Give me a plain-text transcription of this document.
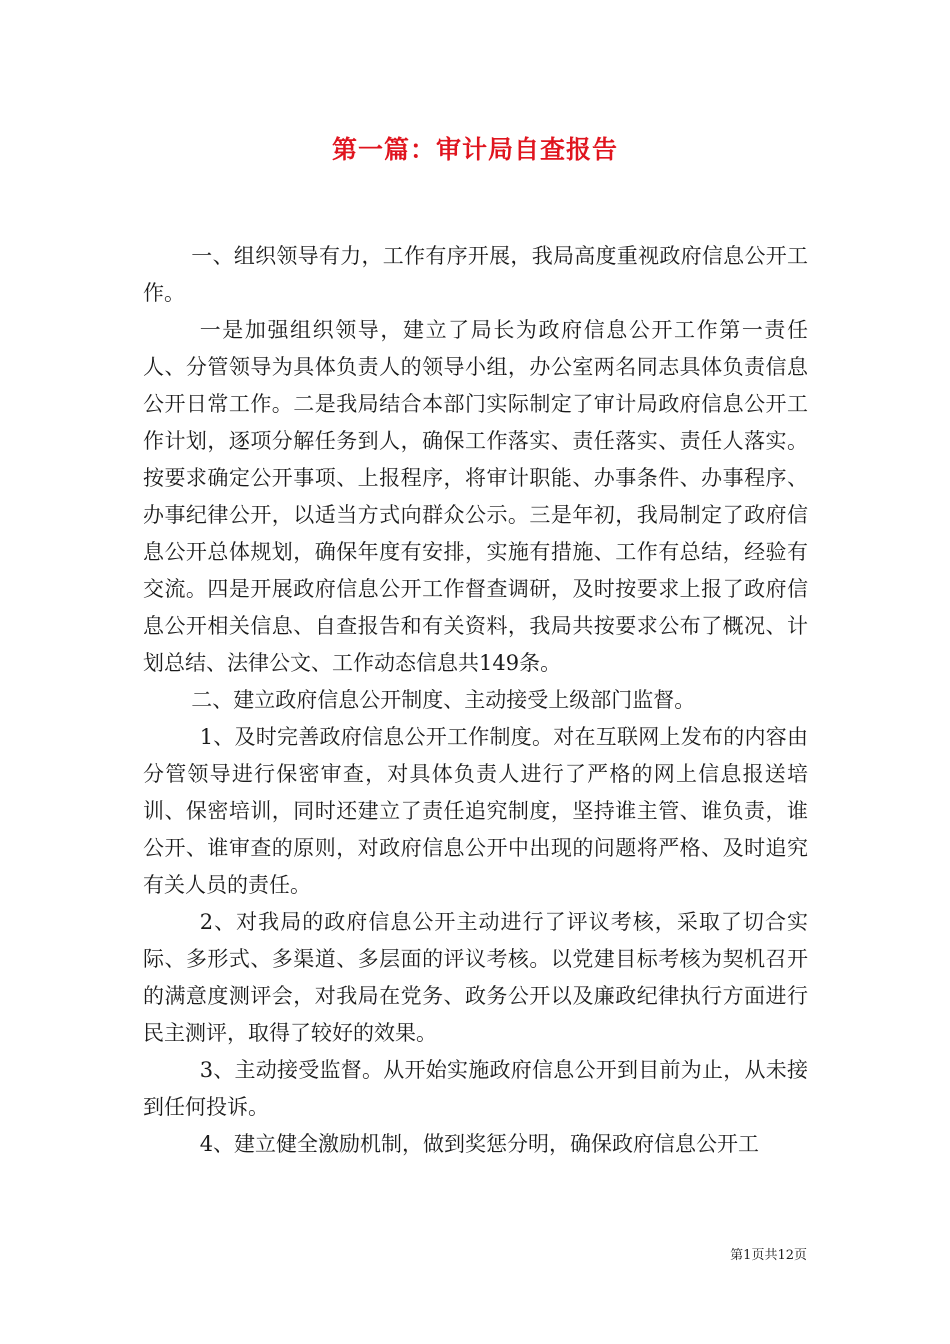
第一篇：审计局自查报告

一、组织领导有力，工作有序开展，我局高度重视政府信息公开工作。

一是加强组织领导，建立了局长为政府信息公开工作第一责任人、分管领导为具体负责人的领导小组，办公室两名同志具体负责信息公开日常工作。二是我局结合本部门实际制定了审计局政府信息公开工作计划，逐项分解任务到人，确保工作落实、责任落实、责任人落实。按要求确定公开事项、上报程序，将审计职能、办事条件、办事程序、办事纪律公开，以适当方式向群众公示。三是年初，我局制定了政府信息公开总体规划，确保年度有安排，实施有措施、工作有总结，经验有交流。四是开展政府信息公开工作督查调研，及时按要求上报了政府信息公开相关信息、自查报告和有关资料，我局共按要求公布了概况、计划总结、法律公文、工作动态信息共149条。

二、建立政府信息公开制度、主动接受上级部门监督。

1、及时完善政府信息公开工作制度。对在互联网上发布的内容由分管领导进行保密审查，对具体负责人进行了严格的网上信息报送培训、保密培训，同时还建立了责任追究制度，坚持谁主管、谁负责，谁公开、谁审查的原则，对政府信息公开中出现的问题将严格、及时追究有关人员的责任。

2、对我局的政府信息公开主动进行了评议考核，采取了切合实际、多形式、多渠道、多层面的评议考核。以党建目标考核为契机召开的满意度测评会，对我局在党务、政务公开以及廉政纪律执行方面进行民主测评，取得了较好的效果。

3、主动接受监督。从开始实施政府信息公开到目前为止，从未接到任何投诉。

4、建立健全激励机制，做到奖惩分明，确保政府信息公开工

第1页共12页
